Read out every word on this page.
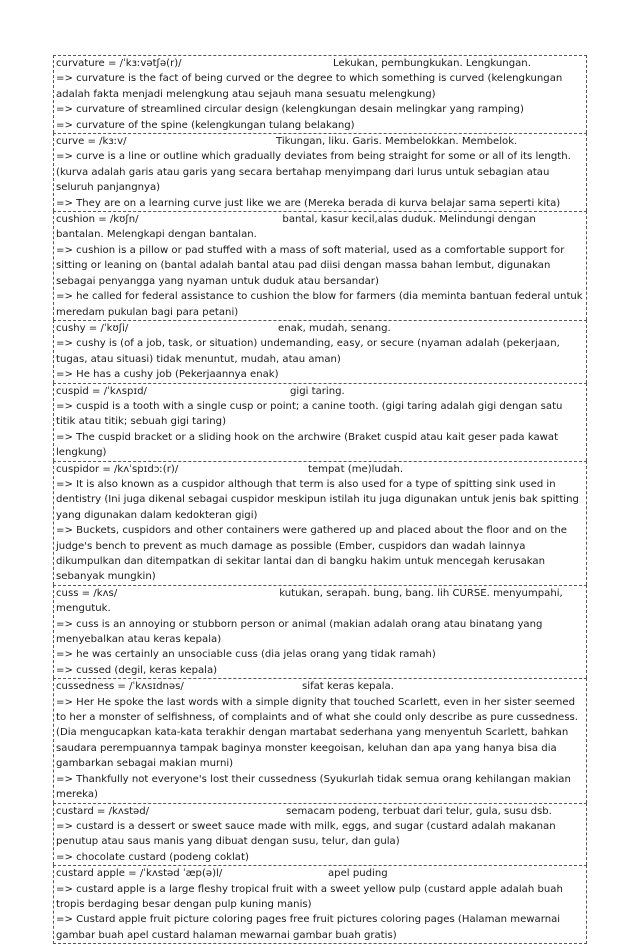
curvature = /ˈkɜːvətʃə(r)/	Lekukan, pembungkukan. Lengkungan.
=> curvature is the fact of being curved or the degree to which something is curved (kelengkungan adalah fakta menjadi melengkung atau sejauh mana sesuatu melengkung)
=> curvature of streamlined circular design (kelengkungan desain melingkar yang ramping)
=> curvature of the spine (kelengkungan tulang belakang)
curve = /kɜːv/	Tikungan, liku. Garis. Membelokkan. Membelok.
=> curve is a line or outline which gradually deviates from being straight for some or all of its length. (kurva adalah garis atau garis yang secara bertahap menyimpang dari lurus untuk sebagian atau seluruh panjangnya)
=> They are on a learning curve just like we are (Mereka berada di kurva belajar sama seperti kita)
cushion = /kʊʃn/	bantal, kasur kecil,alas duduk. Melindungi dengan bantalan. Melengkapi dengan bantalan.
=> cushion is a pillow or pad stuffed with a mass of soft material, used as a comfortable support for sitting or leaning on (bantal adalah bantal atau pad diisi dengan massa bahan lembut, digunakan sebagai penyangga yang nyaman untuk duduk atau bersandar)
=> he called for federal assistance to cushion the blow for farmers (dia meminta bantuan federal untuk meredam pukulan bagi para petani)
cushy = /ˈkʊʃi/	enak, mudah, senang.
=> cushy is (of a job, task, or situation) undemanding, easy, or secure (nyaman adalah (pekerjaan, tugas, atau situasi) tidak menuntut, mudah, atau aman)
=> He has a cushy job (Pekerjaannya enak)
cuspid = /ˈkʌspɪd/	gigi taring.
=> cuspid is a tooth with a single cusp or point; a canine tooth. (gigi taring adalah gigi dengan satu titik atau titik; sebuah gigi taring)
=> The cuspid bracket or a sliding hook on the archwire (Braket cuspid atau kait geser pada kawat lengkung)
cuspidor = /kʌˈspɪdɔː(r)/	tempat (me)ludah.
=> It is also known as a cuspidor although that term is also used for a type of spitting sink used in dentistry (Ini juga dikenal sebagai cuspidor meskipun istilah itu juga digunakan untuk jenis bak spitting yang digunakan dalam kedokteran gigi)
=> Buckets, cuspidors and other containers were gathered up and placed about the floor and on the judge's bench to prevent as much damage as possible (Ember, cuspidors dan wadah lainnya dikumpulkan dan ditempatkan di sekitar lantai dan di bangku hakim untuk mencegah kerusakan sebanyak mungkin)
cuss = /kʌs/	kutukan, serapah. bung, bang. lih CURSE. menyumpahi, mengutuk.
=> cuss is an annoying or stubborn person or animal (makian adalah orang atau binatang yang menyebalkan atau keras kepala)
=> he was certainly an unsociable cuss (dia jelas orang yang tidak ramah)
=> cussed (degil, keras kepala)
cussedness = /ˈkʌsɪdnəs/	sifat keras kepala.
=> Her He spoke the last words with a simple dignity that touched Scarlett, even in her sister seemed to her a monster of selfishness, of complaints and of what she could only describe as pure cussedness. (Dia mengucapkan kata-kata terakhir dengan martabat sederhana yang menyentuh Scarlett, bahkan saudara perempuannya tampak baginya monster keegoisan, keluhan dan apa yang hanya bisa dia gambarkan sebagai makian murni)
=> Thankfully not everyone's lost their cussedness (Syukurlah tidak semua orang kehilangan makian mereka)
custard = /kʌstəd/	semacam podeng, terbuat dari telur, gula, susu dsb.
=> custard is a dessert or sweet sauce made with milk, eggs, and sugar (custard adalah makanan penutup atau saus manis yang dibuat dengan susu, telur, dan gula)
=> chocolate custard (podeng coklat)
custard apple = /ˈkʌstəd ˈæp(ə)l/	apel puding
=> custard apple is a large fleshy tropical fruit with a sweet yellow pulp (custard apple adalah buah tropis berdaging besar dengan pulp kuning manis)
=> Custard apple fruit picture coloring pages free fruit pictures coloring pages (Halaman mewarnai gambar buah apel custard halaman mewarnai gambar buah gratis)
